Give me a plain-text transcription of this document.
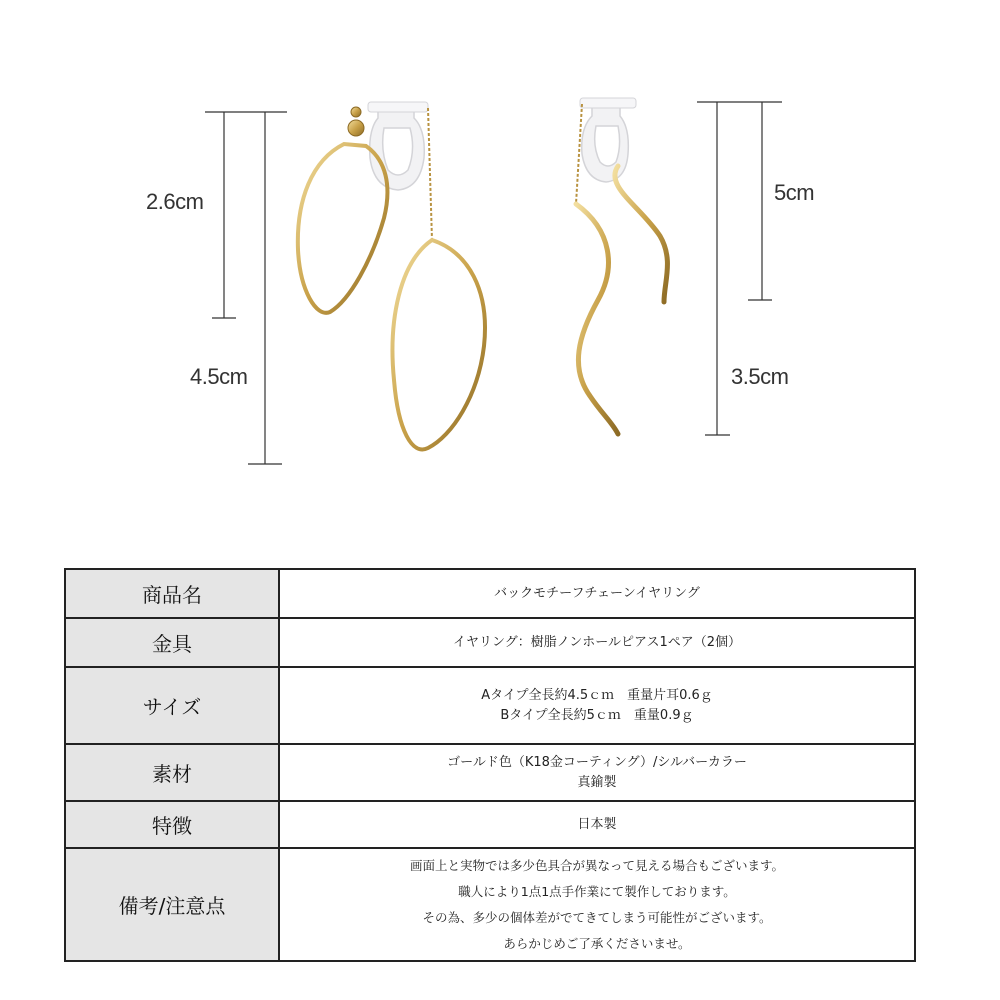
2.6cm
4.5cm
5cm
3.5cm
商品名	バックモチーフチェーンイヤリング

金具	イヤリング：樹脂ノンホールピアス1ペア（2個）

サイズ	Aタイプ全長約4.5ｃｍ　重量片耳0.6ｇ
Bタイプ全長約5ｃｍ　重量0.9ｇ

素材	ゴールド色（K18金コーティング）/シルバーカラー
真鍮製

特徴	日本製

備考/注意点	画面上と実物では多少色具合が異なって見える場合もございます。
職人により1点1点手作業にて製作しております。
その為、多少の個体差がでてきてしまう可能性がございます。
あらかじめご了承くださいませ。
